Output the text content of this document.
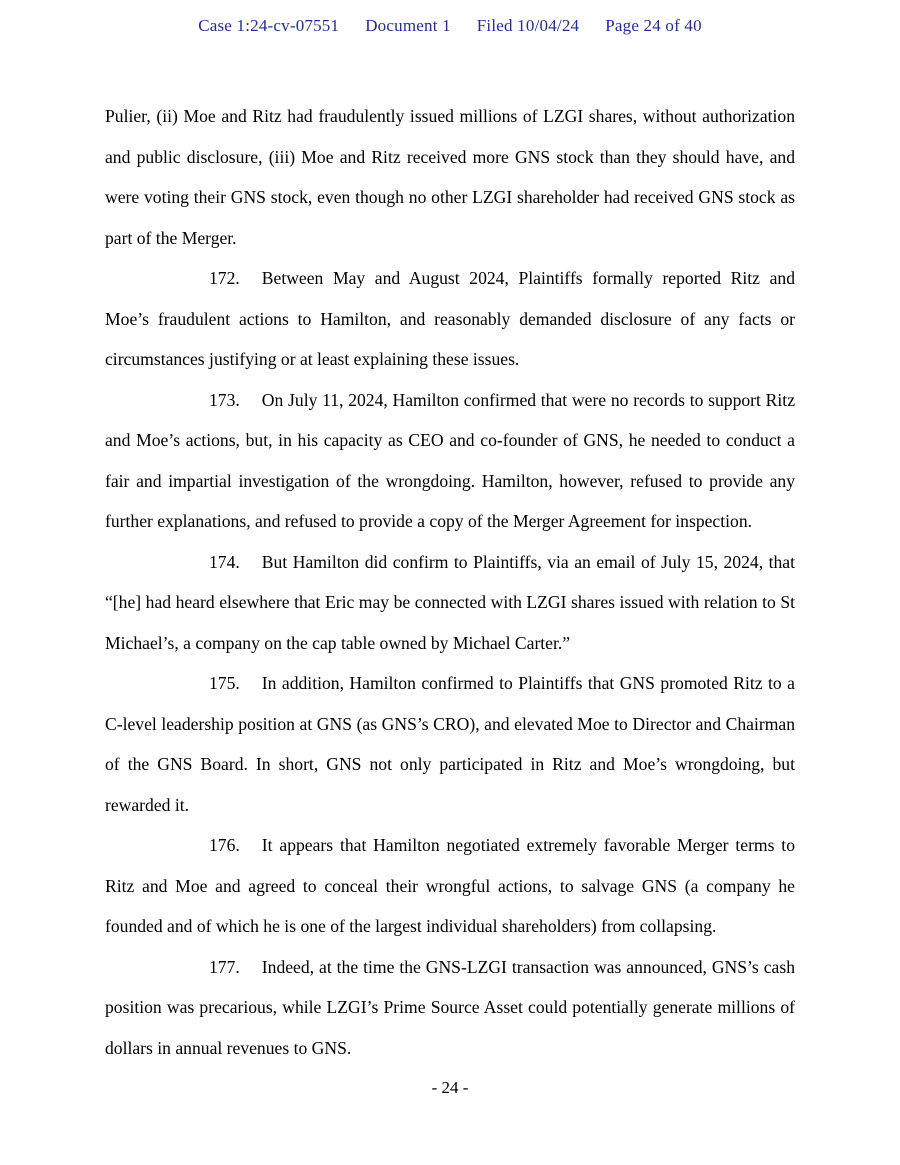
Case 1:24-cv-07551 Document 1 Filed 10/04/24 Page 24 of 40

Pulier, (ii) Moe and Ritz had fraudulently issued millions of LZGI shares, without authorization and public disclosure, (iii) Moe and Ritz received more GNS stock than they should have, and were voting their GNS stock, even though no other LZGI shareholder had received GNS stock as part of the Merger.

172. Between May and August 2024, Plaintiffs formally reported Ritz and Moe’s fraudulent actions to Hamilton, and reasonably demanded disclosure of any facts or circumstances justifying or at least explaining these issues.

173. On July 11, 2024, Hamilton confirmed that were no records to support Ritz and Moe’s actions, but, in his capacity as CEO and co-founder of GNS, he needed to conduct a fair and impartial investigation of the wrongdoing. Hamilton, however, refused to provide any further explanations, and refused to provide a copy of the Merger Agreement for inspection.

174. But Hamilton did confirm to Plaintiffs, via an email of July 15, 2024, that “[he] had heard elsewhere that Eric may be connected with LZGI shares issued with relation to St Michael’s, a company on the cap table owned by Michael Carter.”

175. In addition, Hamilton confirmed to Plaintiffs that GNS promoted Ritz to a C-level leadership position at GNS (as GNS’s CRO), and elevated Moe to Director and Chairman of the GNS Board. In short, GNS not only participated in Ritz and Moe’s wrongdoing, but rewarded it.

176. It appears that Hamilton negotiated extremely favorable Merger terms to Ritz and Moe and agreed to conceal their wrongful actions, to salvage GNS (a company he founded and of which he is one of the largest individual shareholders) from collapsing.

177. Indeed, at the time the GNS-LZGI transaction was announced, GNS’s cash position was precarious, while LZGI’s Prime Source Asset could potentially generate millions of dollars in annual revenues to GNS.

- 24 -
